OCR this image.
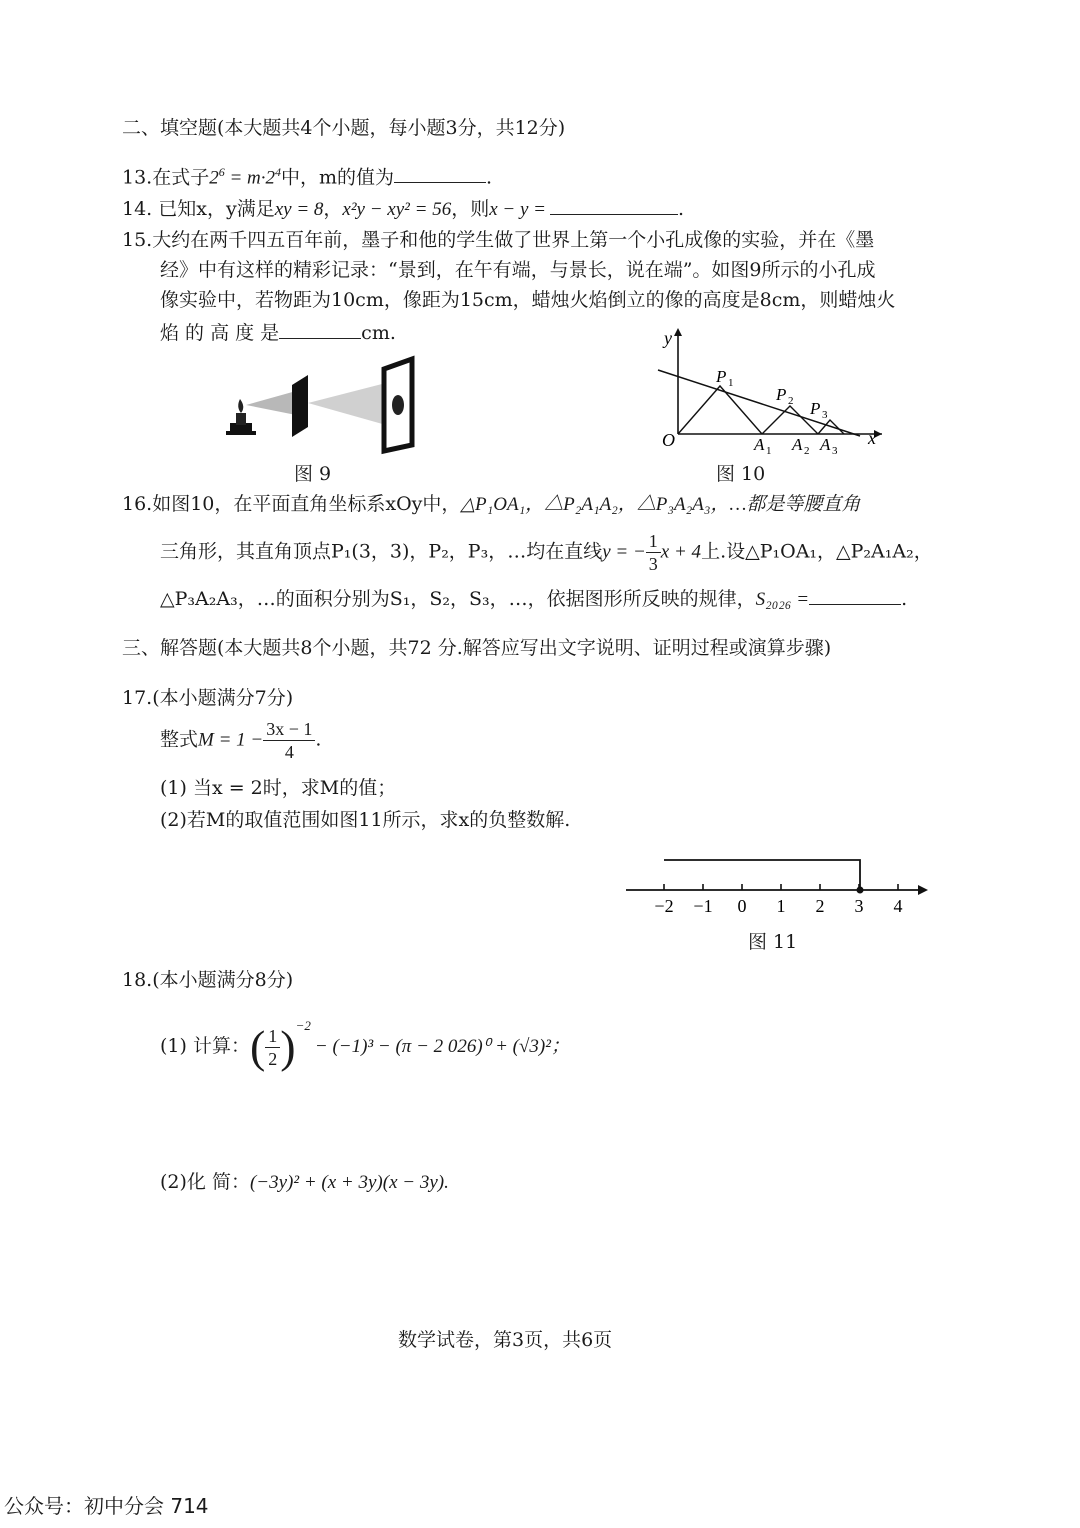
二、填空题(本大题共4个小题，每小题3分，共12分)
13.在式子$2^6 = m\cdot 2^4$中，m的值为	.
14. 已知x，y满足xy = 8，x²y − xy² = 56，则x − y =	.
15.大约在两千四五百年前，墨子和他的学生做了世界上第一个小孔成像的实验，并在《墨
经》中有这样的精彩记录：“景到，在午有端，与景长，说在端”。如图9所示的小孔成
像实验中，若物距为10cm，像距为15cm，蜡烛火焰倒立的像的高度是8cm，则蜡烛火
焰 的 高 度 是	cm.
图 9
y
x
O
P 1
P 2 P 3
A 1 A 2 A 3
图 10
16.如图10，在平面直角坐标系xOy中，△P₁OA₁，△P₂A₁A₂，△P₃A₂A₃，…都是等腰直角
三角形，其直角顶点P₁(3，3)，P₂，P₃，…均在直线y = − $\frac{1}{3}$ x + 4上.设△P₁OA₁，△P₂A₁A₂，
△P₃A₂A₃，…的面积分别为S₁，S₂，S₃，…，依据图形所反映的规律，S₂₀₂₆ =	.
三、解答题(本大题共8个小题，共72 分.解答应写出文字说明、证明过程或演算步骤)
17.(本小题满分7分)
整式$M = 1 - \frac{3x - 1}{4}$ .
(1) 当x = 2时，求M的值；
(2)若M的取值范围如图11所示，求x的负整数解.
−2 −1 0 1 2 3 4
图 11
18.(本小题满分8分)
(1) 计算：( $\frac{1}{2} )^{-2}- (-1)^3 - (\pi - 2$ 026)⁰ + (√3)²；
(2)化 简：(−3y)² + (x + 3y)(x − 3y).
数学试卷，第3页，共6页
公众号：初中分会 714
